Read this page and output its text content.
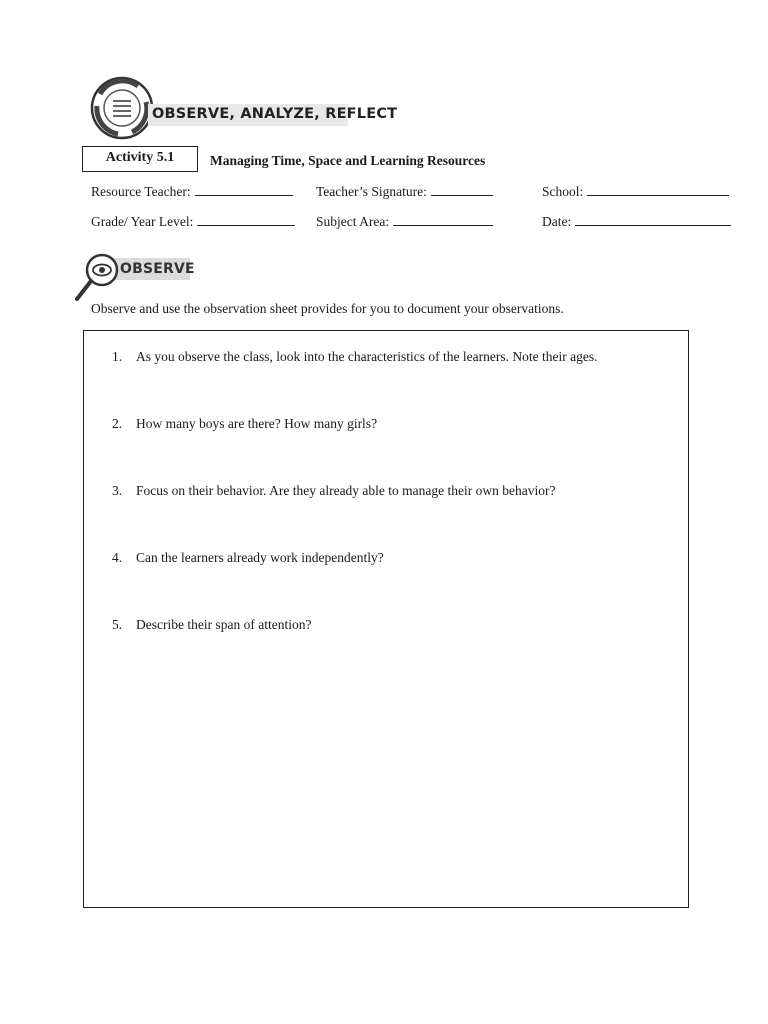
OBSERVE, ANALYZE, REFLECT
Activity 5.1	Managing Time, Space and Learning Resources
Resource Teacher:	Teacher’s Signature:	School:
Grade/ Year Level:	Subject Area:	Date:
OBSERVE
Observe and use the observation sheet provides for you to document your observations.
1. As you observe the class, look into the characteristics of the learners. Note their ages.
2. How many boys are there? How many girls?
3. Focus on their behavior. Are they already able to manage their own behavior?
4. Can the learners already work independently?
5. Describe their span of attention?
